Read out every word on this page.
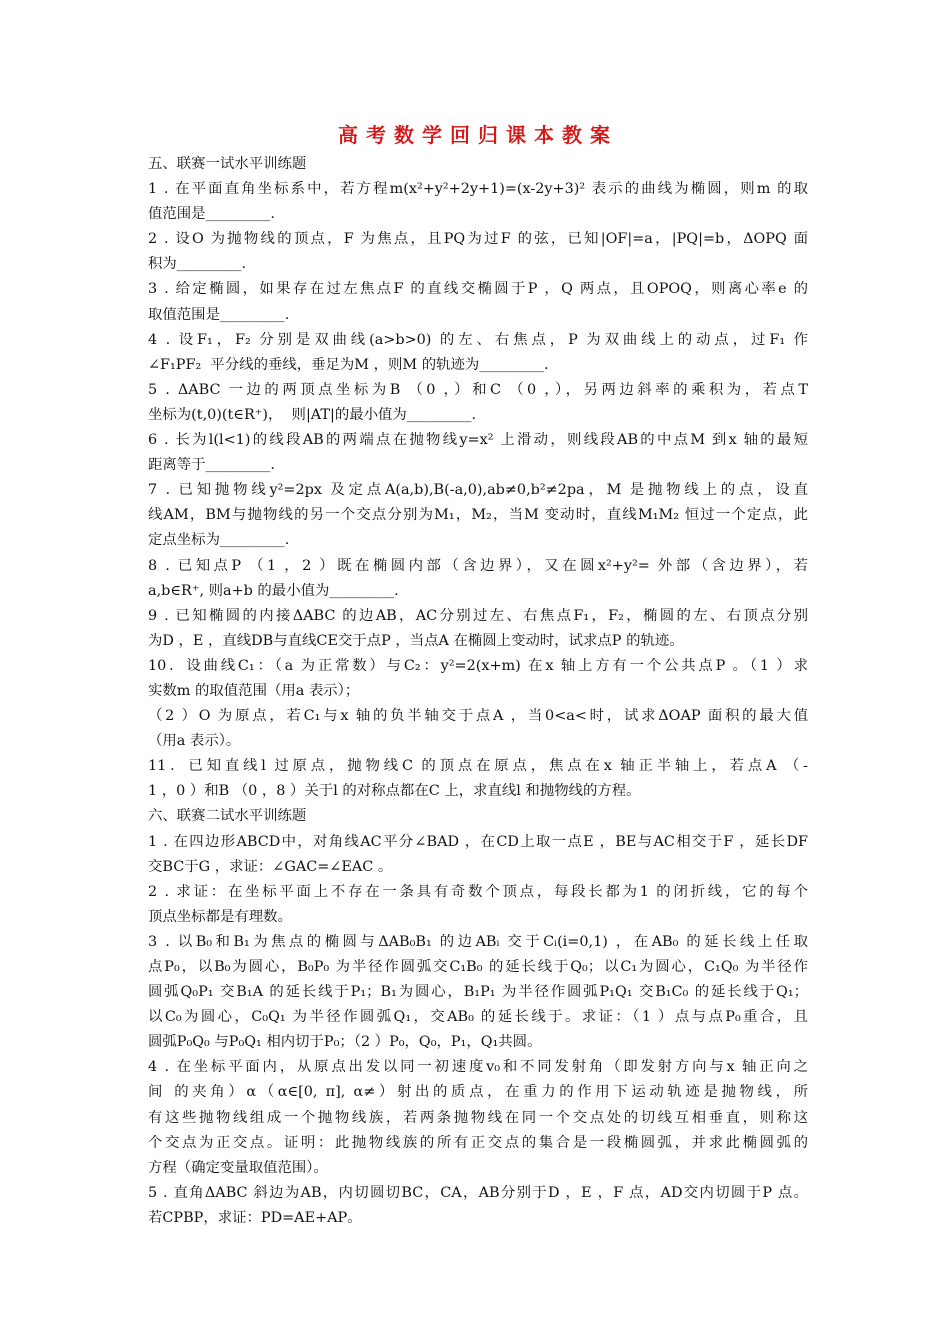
高考数学回归课本教案
五、联赛一试水平训练题
1 . 在平面直角坐标系中，若方程m(x²+y²+2y+1)=(x-2y+3)² 表示的曲线为椭圆，则m 的取
值范围是_________.
2 . 设O 为抛物线的顶点，F 为焦点，且PQ为过F 的弦，已知|OF|=a，|PQ|=b，ΔOPQ 面
积为_________.
3 . 给定椭圆，如果存在过左焦点F 的直线交椭圆于P ，Q 两点，且OPOQ，则离心率e 的
取值范围是_________.
4 . 设F₁，F₂ 分别是双曲线(a>b>0) 的左、右焦点，P 为双曲线上的动点，过F₁ 作
∠F₁PF₂  平分线的垂线，垂足为M ，则M 的轨迹为_________.
5 . ΔABC 一边的两顶点坐标为B （0 ，）和C （0 ，），另两边斜率的乘积为，若点T
坐标为(t,0)(t∈R⁺)，  则|AT|的最小值为_________.
6 . 长为l(l<1)的线段AB的两端点在抛物线y=x² 上滑动，则线段AB的中点M 到x 轴的最短
距离等于_________.
7 . 已知抛物线y²=2px 及定点A(a,b),B(-a,0),ab≠0,b²≠2pa，M 是抛物线上的点，设直
线AM，BM与抛物线的另一个交点分别为M₁，M₂，当M 变动时，直线M₁M₂ 恒过一个定点，此
定点坐标为_________.
8 . 已知点P （1 ，2 ）既在椭圆内部（含边界），又在圆x²+y²= 外部（含边界），若
a,b∈R⁺, 则a+b 的最小值为_________.
9 . 已知椭圆的内接ΔABC 的边AB，AC分别过左、右焦点F₁，F₂，椭圆的左、右顶点分别
为D ，E ，直线DB与直线CE交于点P ，当点A 在椭圆上变动时，试求点P 的轨迹。
10．设曲线C₁：（a 为正常数）与C₂：y²=2(x+m) 在x 轴上方有一个公共点P 。（1 ）求
实数m 的取值范围（用a 表示）；
（2 ）O 为原点，若C₁与x 轴的负半轴交于点A ，当0<a<时，试求ΔOAP 面积的最大值
（用a 表示）。
11．已知直线l 过原点，抛物线C 的顶点在原点，焦点在x 轴正半轴上，若点A （-
1 ，0 ）和B （0 ，8 ）关于l 的对称点都在C 上，求直线l 和抛物线的方程。
六、联赛二试水平训练题
1 . 在四边形ABCD中，对角线AC平分∠BAD ，在CD上取一点E ，BE与AC相交于F ，延长DF
交BC于G ，求证：∠GAC=∠EAC 。
2 . 求证：在坐标平面上不存在一条具有奇数个顶点，每段长都为1 的闭折线，它的每个
顶点坐标都是有理数。
3 . 以B₀和B₁为焦点的椭圆与ΔAB₀B₁ 的边ABᵢ 交于Cᵢ(i=0,1) ，在AB₀ 的延长线上任取
点P₀，以B₀为圆心，B₀P₀ 为半径作圆弧交C₁B₀ 的延长线于Q₀；以C₁为圆心，C₁Q₀ 为半径作
圆弧Q₀P₁ 交B₁A 的延长线于P₁；B₁为圆心，B₁P₁ 为半径作圆弧P₁Q₁ 交B₁C₀ 的延长线于Q₁；
以C₀为圆心，C₀Q₁ 为半径作圆弧Q₁，交AB₀ 的延长线于。求证：（1 ）点与点P₀重合，且
圆弧P₀Q₀ 与P₀Q₁ 相内切于P₀；（2 ）P₀，Q₀，P₁，Q₁共圆。
4 . 在坐标平面内，从原点出发以同一初速度v₀和不同发射角（即发射方向与x 轴正向之
间 的夹角）α（α∈[0, π], α≠）射出的质点，在重力的作用下运动轨迹是抛物线，所
有这些抛物线组成一个抛物线族，若两条抛物线在同一个交点处的切线互相垂直，则称这
个交点为正交点。证明：此抛物线族的所有正交点的集合是一段椭圆弧，并求此椭圆弧的
方程（确定变量取值范围）。
5 . 直角ΔABC 斜边为AB，内切圆切BC，CA，AB分别于D ，E ，F 点，AD交内切圆于P 点。
若CPBP，求证：PD=AE+AP。
